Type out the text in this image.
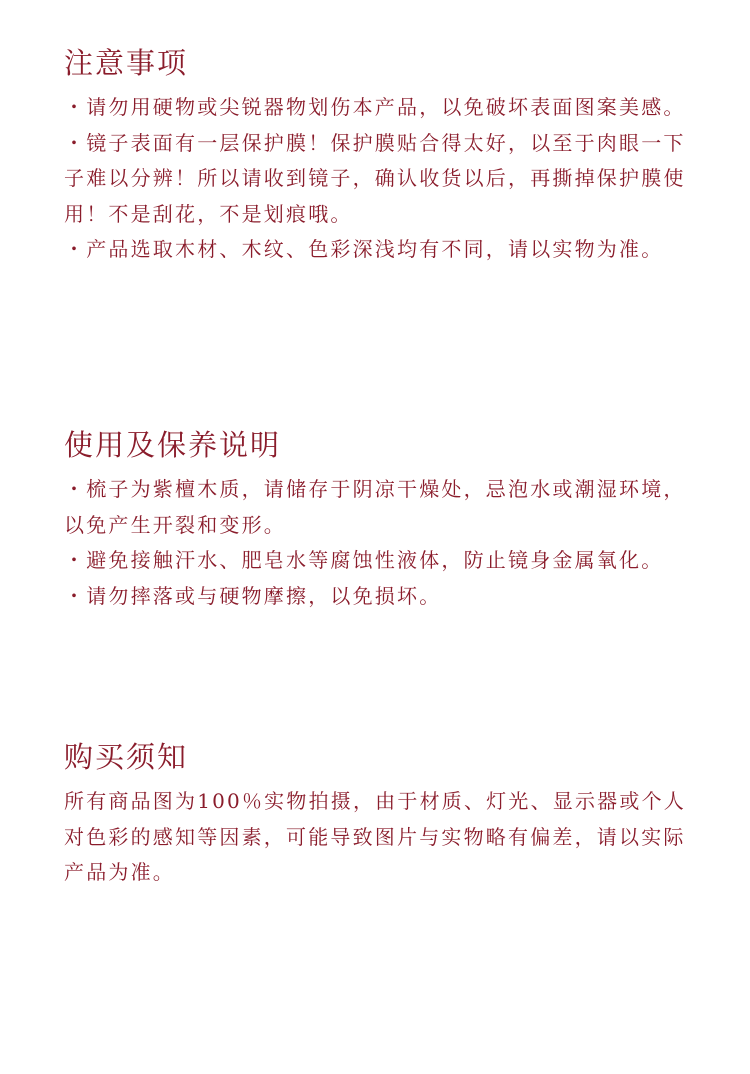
注意事项

・请勿用硬物或尖锐器物划伤本产品，以免破坏表面图案美感。

・镜子表面有一层保护膜！保护膜贴合得太好，以至于肉眼一下子难以分辨！所以请收到镜子，确认收货以后，再撕掉保护膜使用！不是刮花，不是划痕哦。

・产品选取木材、木纹、色彩深浅均有不同，请以实物为准。

使用及保养说明

・梳子为紫檀木质，请储存于阴凉干燥处，忌泡水或潮湿环境，以免产生开裂和变形。

・避免接触汗水、肥皂水等腐蚀性液体，防止镜身金属氧化。

・请勿摔落或与硬物摩擦，以免损坏。

购买须知

所有商品图为100％实物拍摄，由于材质、灯光、显示器或个人对色彩的感知等因素，可能导致图片与实物略有偏差，请以实际产品为准。
